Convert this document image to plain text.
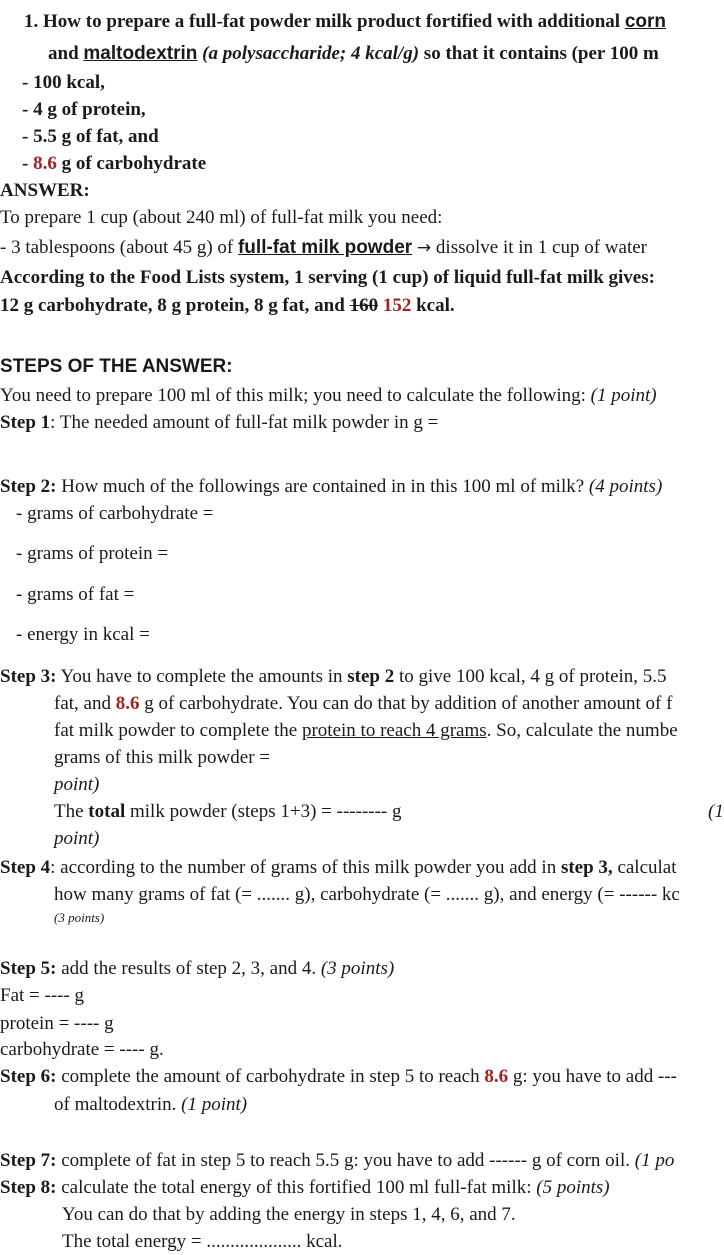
1. How to prepare a full-fat powder milk product fortified with additional corn
and maltodextrin (a polysaccharide; 4 kcal/g) so that it contains (per 100 m
- 100 kcal,
- 4 g of protein,
- 5.5 g of fat, and
- 8.6 g of carbohydrate
ANSWER:
To prepare 1 cup (about 240 ml) of full-fat milk you need:
- 3 tablespoons (about 45 g) of full-fat milk powder → dissolve it in 1 cup of water
According to the Food Lists system, 1 serving (1 cup) of liquid full-fat milk gives:
12 g carbohydrate, 8 g protein, 8 g fat, and 160 152 kcal.
STEPS OF THE ANSWER:
You need to prepare 100 ml of this milk; you need to calculate the following: (1 point)
Step 1: The needed amount of full-fat milk powder in g =
Step 2: How much of the followings are contained in in this 100 ml of milk? (4 points)
- grams of carbohydrate =
- grams of protein =
- grams of fat =
- energy in kcal =
Step 3: You have to complete the amounts in step 2 to give 100 kcal, 4 g of protein, 5.5
fat, and 8.6 g of carbohydrate. You can do that by addition of another amount of f
fat milk powder to complete the protein to reach 4 grams. So, calculate the numbe
grams of this milk powder =
point)
The total milk powder (steps 1+3) = -------- g	(1
point)
Step 4: according to the number of grams of this milk powder you add in step 3, calculat
how many grams of fat (= ....... g), carbohydrate (= ....... g), and energy (= ------ kc
(3 points)
Step 5: add the results of step 2, 3, and 4. (3 points)
Fat = ---- g
protein = ---- g
carbohydrate = ---- g.
Step 6: complete the amount of carbohydrate in step 5 to reach 8.6 g: you have to add ---
of maltodextrin. (1 point)
Step 7: complete of fat in step 5 to reach 5.5 g: you have to add ------ g of corn oil. (1 po
Step 8: calculate the total energy of this fortified 100 ml full-fat milk: (5 points)
You can do that by adding the energy in steps 1, 4, 6, and 7.
The total energy = .................... kcal.
